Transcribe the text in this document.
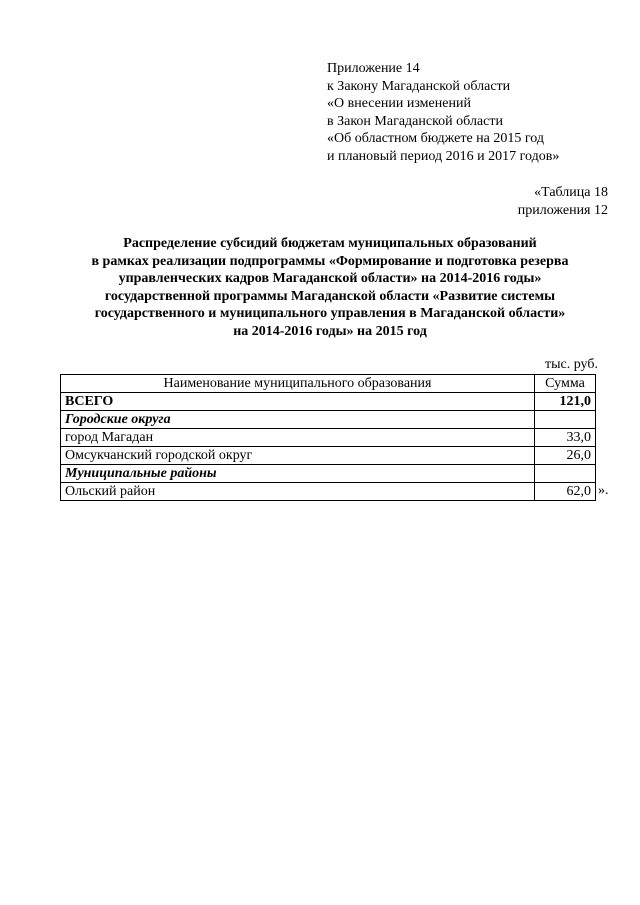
Приложение 14
к Закону Магаданской области
«О внесении изменений
в Закон Магаданской области
«Об областном бюджете на 2015 год
и плановый период 2016 и 2017 годов»
«Таблица 18
приложения 12
Распределение субсидий бюджетам муниципальных образований
в рамках реализации подпрограммы «Формирование и подготовка резерва
управленческих кадров Магаданской области» на 2014-2016 годы»
государственной программы Магаданской области «Развитие системы
государственного и муниципального управления в Магаданской области»
на 2014-2016 годы» на 2015 год
тыс. руб.
Наименование муниципального образования	Сумма
ВСЕГО	121,0
Городские округа	
город Магадан	33,0
Омсукчанский городской округ	26,0
Муниципальные районы	
Ольский район	62,0 ».
